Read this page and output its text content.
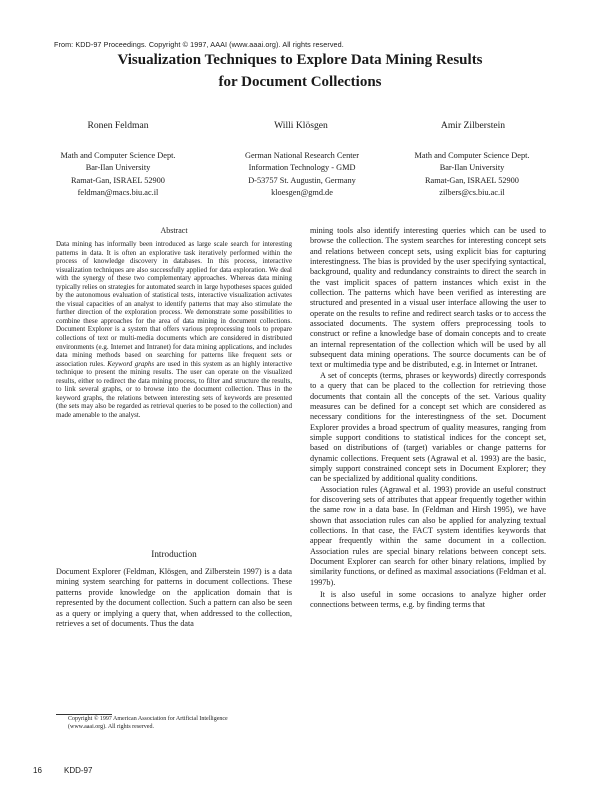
From: KDD-97 Proceedings. Copyright © 1997, AAAI (www.aaai.org). All rights reserved.
Visualization Techniques to Explore Data Mining Results
for Document Collections
Ronen Feldman	Willi Klösgen	Amir Zilberstein
Math and Computer Science Dept.
Bar-Ilan University
Ramat-Gan, ISRAEL 52900
feldman@macs.biu.ac.il
German National Research Center
Information Technology - GMD
D-53757 St. Augustin, Germany
kloesgen@gmd.de
Math and Computer Science Dept.
Bar-Ilan University
Ramat-Gan, ISRAEL 52900
zilbers@cs.biu.ac.il
Abstract

Data mining has informally been introduced as large scale search for interesting patterns in data. It is often an explorative task iteratively performed within the process of knowledge discovery in databases. In this process, interactive visualization techniques are also successfully applied for data exploration. We deal with the synergy of these two complementary approaches. Whereas data mining typically relies on strategies for automated search in large hypotheses spaces guided by the autonomous evaluation of statistical tests, interactive visualization activates the visual capacities of an analyst to identify patterns that may also stimulate the further direction of the exploration process. We demonstrate some possibilities to combine these approaches for the area of data mining in document collections. Document Explorer is a system that offers various preprocessing tools to prepare collections of text or multi-media documents which are considered in distributed environments (e.g. Internet and Intranet) for data mining applications, and includes data mining methods based on searching for patterns like frequent sets or association rules. Keyword graphs are used in this system as an highly interactive technique to present the mining results. The user can operate on the visualized results, either to redirect the data mining process, to filter and structure the results, to link several graphs, or to browse into the document collection. Thus in the keyword graphs, the relations between interesting sets of keywords are presented (the sets may also be regarded as retrieval queries to be posed to the collection) and made amenable to the analyst.

Introduction
Document Explorer (Feldman, Klösgen, and Zilberstein 1997) is a data mining system searching for patterns in document collections. These patterns provide knowledge on the application domain that is represented by the document collection. Such a pattern can also be seen as a query or implying a query that, when addressed to the collection, retrieves a set of documents. Thus the data
Copyright © 1997 American Association for Artificial Intelligence
(www.aaai.org). All rights reserved.

mining tools also identify interesting queries which can be used to browse the collection. The system searches for interesting concept sets and relations between concept sets, using explicit bias for capturing interestingness. The bias is provided by the user specifying syntactical, background, quality and redundancy constraints to direct the search in the vast implicit spaces of pattern instances which exist in the collection. The patterns which have been verified as interesting are structured and presented in a visual user interface allowing the user to operate on the results to refine and redirect search tasks or to access the associated documents. The system offers preprocessing tools to construct or refine a knowledge base of domain concepts and to create an internal representation of the collection which will be used by all subsequent data mining operations. The source documents can be of text or multimedia type and be distributed, e.g. in Internet or Intranet.

A set of concepts (terms, phrases or keywords) directly corresponds to a query that can be placed to the collection for retrieving those documents that contain all the concepts of the set. Various quality measures can be defined for a concept set which are considered as necessary conditions for the interestingness of the set. Document Explorer provides a broad spectrum of quality measures, ranging from simple support conditions to statistical indices for the concept set, based on distributions of (target) variables or change patterns for dynamic collections. Frequent sets (Agrawal et al. 1993) are the basic, simply support constrained concept sets in Document Explorer; they can be specialized by additional quality conditions.

Association rules (Agrawal et al. 1993) provide an useful construct for discovering sets of attributes that appear frequently together within the same row in a data base. In (Feldman and Hirsh 1995), we have shown that association rules can also be applied for analyzing textual collections. In that case, the FACT system identifies keywords that appear frequently within the same document in a collection. Association rules are special binary relations between concept sets. Document Explorer can search for other binary relations, implied by similarity functions, or defined as maximal associations (Feldman et al. 1997b).

It is also useful in some occasions to analyze higher order connections between terms, e.g. by finding terms that

16	KDD-97
